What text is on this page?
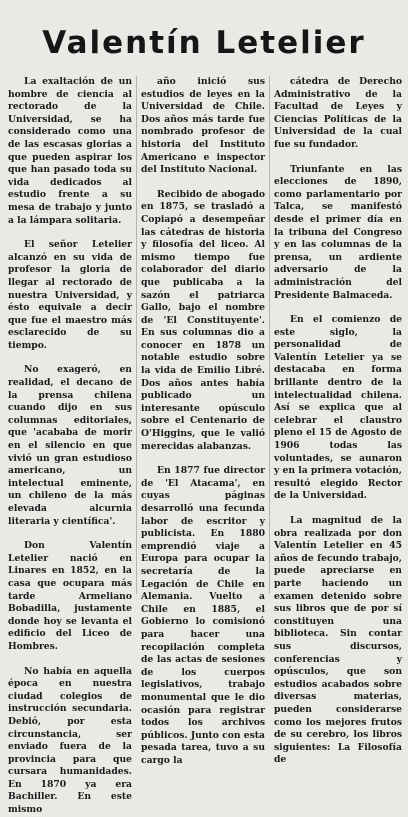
Valentín Letelier

La exaltación de un hombre de ciencia al rectorado de la Universidad, se ha considerado como una de las escasas glorias a que pueden aspirar los que han pasado toda su vida dedicados al estudio frente a su mesa de trabajo y junto a la lámpara solitaria.

El señor Letelier alcanzó en su vida de profesor la gloria de llegar al rectorado de nuestra Universidad, y ésto equivale a decir que fue el maestro más esclarecido de su tiempo.

No exageró, en realidad, el decano de la prensa chilena cuando dijo en sus columnas editoriales, que 'acababa de morir en el silencio en que vivió un gran estudioso americano, un intelectual eminente, un chileno de la más elevada alcurnia literaria y científica'.

Don Valentín Letelier nació en Linares en 1852, en la casa que ocupara más tarde Armeliano Bobadilla, justamente donde hoy se levanta el edificio del Liceo de Hombres.

No había en aquella época en nuestra ciudad colegios de instrucción secundaria. Debió, por esta circunstancia, ser enviado fuera de la provincia para que cursara humanidades. En 1870 ya era Bachiller. En este mismo

año inició sus estudios de leyes en la Universidad de Chile. Dos años más tarde fue nombrado profesor de historia del Instituto Americano e inspector del Instituto Nacional.

Recibido de abogado en 1875, se trasladó a Copiapó a desempeñar las cátedras de historia y filosofía del liceo. Al mismo tiempo fue colaborador del diario que publicaba a la sazón el patriarca Gallo, bajo el nombre de 'El Constituyente'. En sus columnas dio a conocer en 1878 un notable estudio sobre la vida de Emilio Libré. Dos años antes había publicado un interesante opúsculo sobre el Centenario de O'Higgins, que le valió merecidas alabanzas.

En 1877 fue director de 'El Atacama', en cuyas páginas desarrolló una fecunda labor de escritor y publicista. En 1880 emprendió viaje a Europa para ocupar la secretaría de la Legación de Chile en Alemania. Vuelto a Chile en 1885, el Gobierno lo comisionó para hacer una recopilación completa de las actas de sesiones de los cuerpos legislativos, trabajo monumental que le dio ocasión para registrar todos los archivos públicos. Junto con esta pesada tarea, tuvo a su cargo la

cátedra de Derecho Administrativo de la Facultad de Leyes y Ciencias Políticas de la Universidad de la cual fue su fundador.

Triunfante en las elecciones de 1890, como parlamentario por Talca, se manifestó desde el primer día en la tribuna del Congreso y en las columnas de la prensa, un ardiente adversario de la administración del Presidente Balmaceda.

En el comienzo de este siglo, la personalidad de Valentín Letelier ya se destacaba en forma brillante dentro de la intelectualidad chilena. Así se explica que al celebrar el claustro pleno el 15 de Agosto de 1906 todas las voluntades, se aunaron y en la primera votación, resultó elegido Rector de la Universidad.

La magnitud de la obra realizada por don Valentín Letelier en 45 años de fecundo trabajo, puede apreciarse en parte haciendo un examen detenido sobre sus libros que de por sí constituyen una biblioteca. Sin contar sus discursos, conferencias y opúsculos, que son estudios acabados sobre diversas materias, pueden considerarse como los mejores frutos de su cerebro, los libros siguientes: La Filosofía de
